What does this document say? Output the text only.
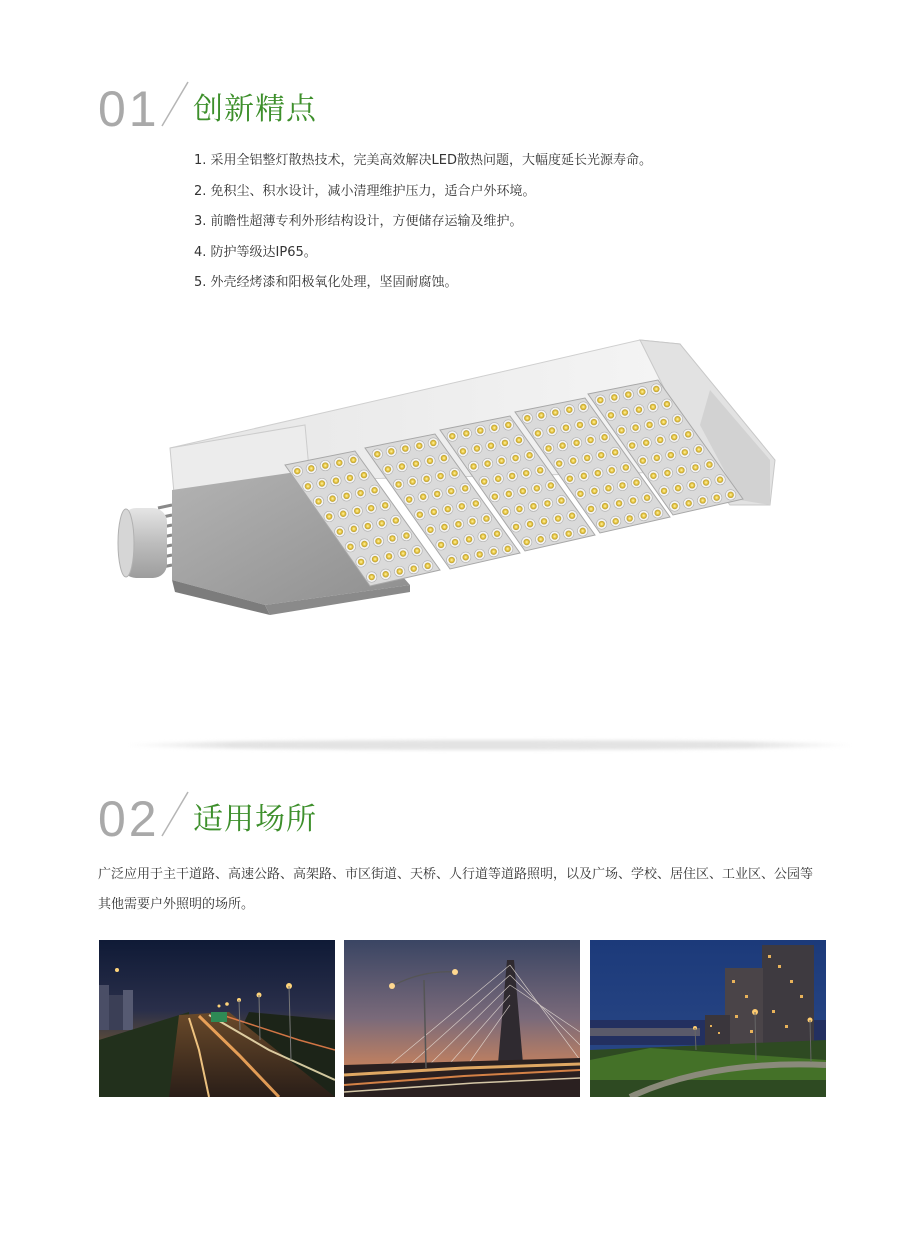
01 创新精点
1. 采用全铝整灯散热技术，完美高效解决LED散热问题，大幅度延长光源寿命。
2. 免积尘、积水设计，减小清理维护压力，适合户外环境。
3. 前瞻性超薄专利外形结构设计，方便储存运输及维护。
4. 防护等级达IP65。
5. 外壳经烤漆和阳极氧化处理，坚固耐腐蚀。
02 适用场所

广泛应用于主干道路、高速公路、高架路、市区街道、天桥、人行道等道路照明，以及广场、学校、居住区、工业区、公园等其他需要户外照明的场所。
